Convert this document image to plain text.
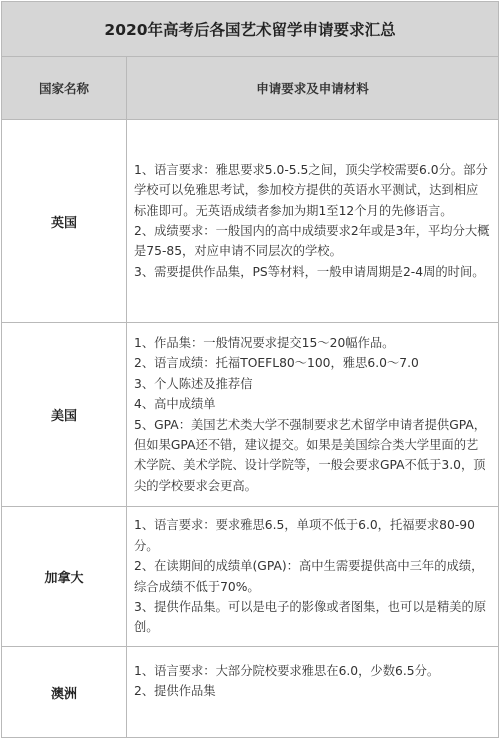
2020年高考后各国艺术留学申请要求汇总	
国家名称	申请要求及申请材料
英国	1、语言要求：雅思要求5.0-5.5之间，顶尖学校需要6.0分。部分学校可以免雅思考试，参加校方提供的英语水平测试，达到相应标准即可。无英语成绩者参加为期1至12个月的先修语言。

2、成绩要求：一般国内的高中成绩要求2年或是3年，平均分大概是75-85，对应申请不同层次的学校。

3、需要提供作品集，PS等材料，一般申请周期是2-4周的时间。

美国	1、作品集：一般情况要求提交15～20幅作品。

2、语言成绩：托福TOEFL80～100，雅思6.0～7.0

3、个人陈述及推荐信

4、高中成绩单

5、GPA：美国艺术类大学不强制要求艺术留学申请者提供GPA，但如果GPA还不错，建议提交。如果是美国综合类大学里面的艺术学院、美术学院、设计学院等，一般会要求GPA不低于3.0，顶尖的学校要求会更高。

加拿大	1、语言要求：要求雅思6.5，单项不低于6.0，托福要求80-90分。

2、在读期间的成绩单(GPA)：高中生需要提供高中三年的成绩，综合成绩不低于70%。

3、提供作品集。可以是电子的影像或者图集，也可以是精美的原创。

澳洲	1、语言要求：大部分院校要求雅思在6.0，少数6.5分。

2、提供作品集
